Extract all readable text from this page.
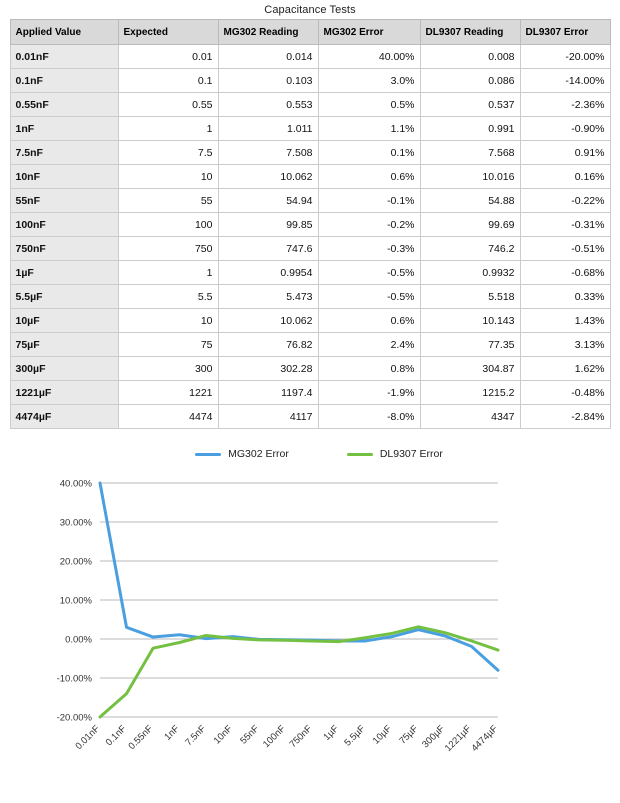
Capacitance Tests
Applied Value	Expected	MG302 Reading	MG302 Error	DL9307 Reading	DL9307 Error
0.01nF	0.01	0.014	40.00%	0.008	-20.00%
0.1nF	0.1	0.103	3.0%	0.086	-14.00%
0.55nF	0.55	0.553	0.5%	0.537	-2.36%
1nF	1	1.011	1.1%	0.991	-0.90%
7.5nF	7.5	7.508	0.1%	7.568	0.91%
10nF	10	10.062	0.6%	10.016	0.16%
55nF	55	54.94	-0.1%	54.88	-0.22%
100nF	100	99.85	-0.2%	99.69	-0.31%
750nF	750	747.6	-0.3%	746.2	-0.51%
1µF	1	0.9954	-0.5%	0.9932	-0.68%
5.5µF	5.5	5.473	-0.5%	5.518	0.33%
10µF	10	10.062	0.6%	10.143	1.43%
75µF	75	76.82	2.4%	77.35	3.13%
300µF	300	302.28	0.8%	304.87	1.62%
1221µF	1221	1197.4	-1.9%	1215.2	-0.48%
4474µF	4474	4117	-8.0%	4347	-2.84%
MG302 Error	DL9307 Error
-20.00%
-10.00%
0.00%
10.00%
20.00%
30.00%
40.00%
0.01nF 0.1nF
0.55nF 1nF 7.5nF 10nF 55nF 100nF 750nF 1µF 5.5µF 10µF 75µF 300µF
1221µF
4474µF
